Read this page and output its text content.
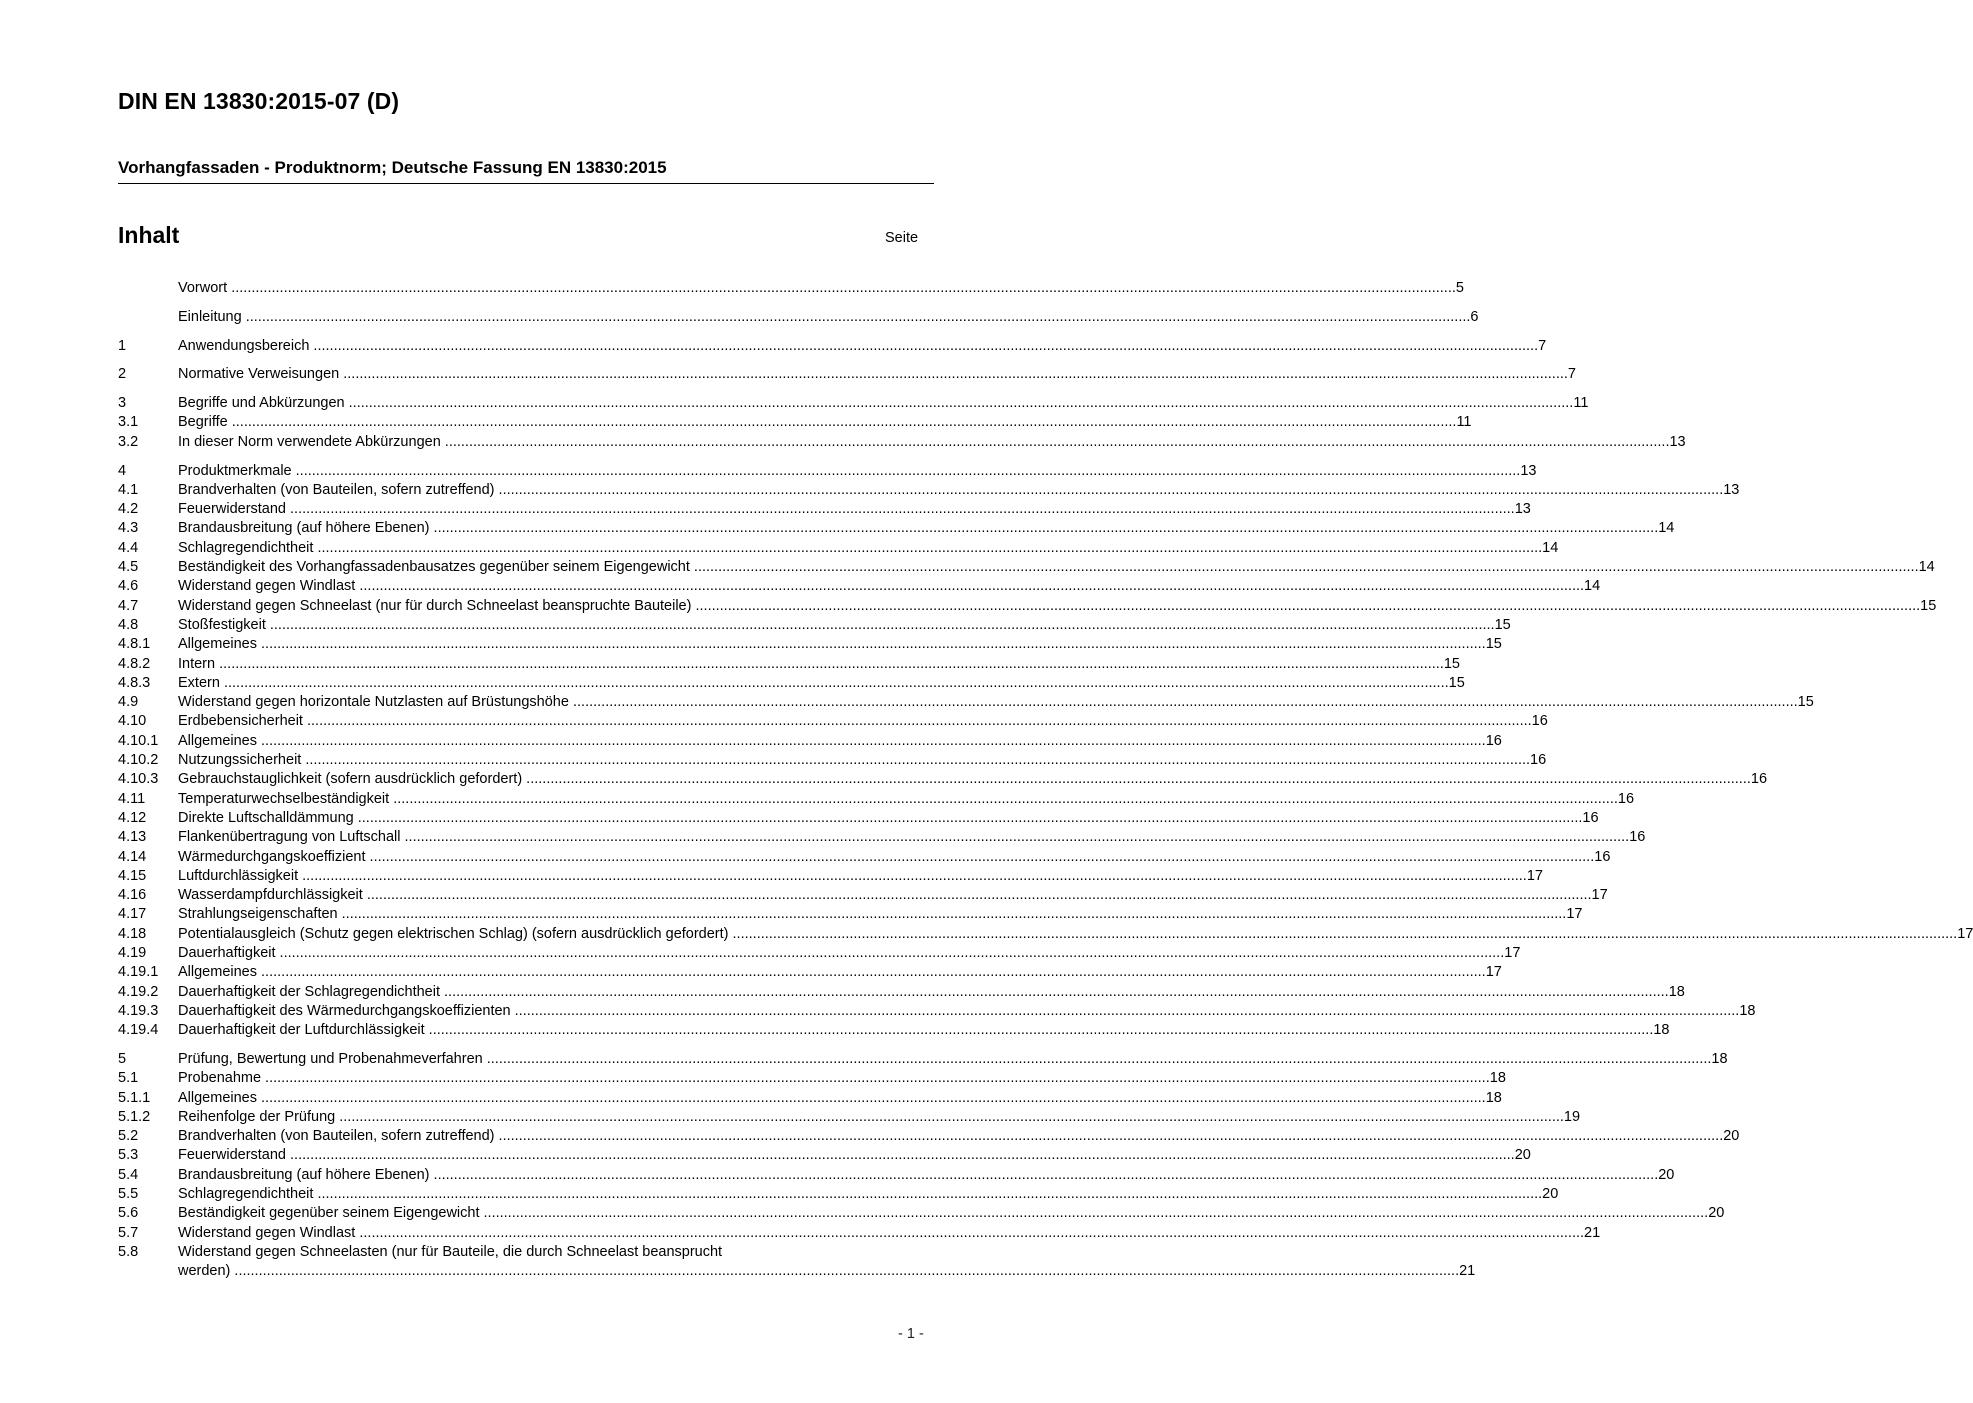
DIN EN 13830:2015-07 (D)
Vorhangfassaden - Produktnorm; Deutsche Fassung EN 13830:2015
Inhalt	Seite
Vorwort .....	5
Einleitung .....	6
1	Anwendungsbereich .....	7
2	Normative Verweisungen .....	7
3	Begriffe und Abkürzungen .....	11
3.1	Begriffe .....	11
3.2	In dieser Norm verwendete Abkürzungen .....	13
4	Produktmerkmale .....	13
4.1	Brandverhalten (von Bauteilen, sofern zutreffend) .....	13
4.2	Feuerwiderstand .....	13
4.3	Brandausbreitung (auf höhere Ebenen) .....	14
4.4	Schlagregendichtheit .....	14
4.5	Beständigkeit des Vorhangfassadenbausatzes gegenüber seinem Eigengewicht .....	14
4.6	Widerstand gegen Windlast .....	14
4.7	Widerstand gegen Schneelast (nur für durch Schneelast beanspruchte Bauteile) .....	15
4.8	Stoßfestigkeit .....	15
4.8.1	Allgemeines .....	15
4.8.2	Intern .....	15
4.8.3	Extern .....	15
4.9	Widerstand gegen horizontale Nutzlasten auf Brüstungshöhe .....	15
4.10	Erdbebensicherheit .....	16
4.10.1	Allgemeines .....	16
4.10.2	Nutzungssicherheit .....	16
4.10.3	Gebrauchstauglichkeit (sofern ausdrücklich gefordert) .....	16
4.11	Temperaturwechselbeständigkeit .....	16
4.12	Direkte Luftschalldämmung .....	16
4.13	Flankenübertragung von Luftschall .....	16
4.14	Wärmedurchgangskoeffizient .....	16
4.15	Luftdurchlässigkeit .....	17
4.16	Wasserdampfdurchlässigkeit .....	17
4.17	Strahlungseigenschaften .....	17
4.18	Potentialausgleich (Schutz gegen elektrischen Schlag) (sofern ausdrücklich gefordert) .....	17
4.19	Dauerhaftigkeit .....	17
4.19.1	Allgemeines .....	17
4.19.2	Dauerhaftigkeit der Schlagregendichtheit .....	18
4.19.3	Dauerhaftigkeit des Wärmedurchgangskoeffizienten .....	18
4.19.4	Dauerhaftigkeit der Luftdurchlässigkeit .....	18
5	Prüfung, Bewertung und Probenahmeverfahren .....	18
5.1	Probenahme .....	18
5.1.1	Allgemeines .....	18
5.1.2	Reihenfolge der Prüfung .....	19
5.2	Brandverhalten (von Bauteilen, sofern zutreffend) .....	20
5.3	Feuerwiderstand .....	20
5.4	Brandausbreitung (auf höhere Ebenen) .....	20
5.5	Schlagregendichtheit .....	20
5.6	Beständigkeit gegenüber seinem Eigengewicht .....	20
5.7	Widerstand gegen Windlast .....	21
5.8	Widerstand gegen Schneelasten (nur für Bauteile, die durch Schneelast beansprucht
werden) .....	21
- 1 -
